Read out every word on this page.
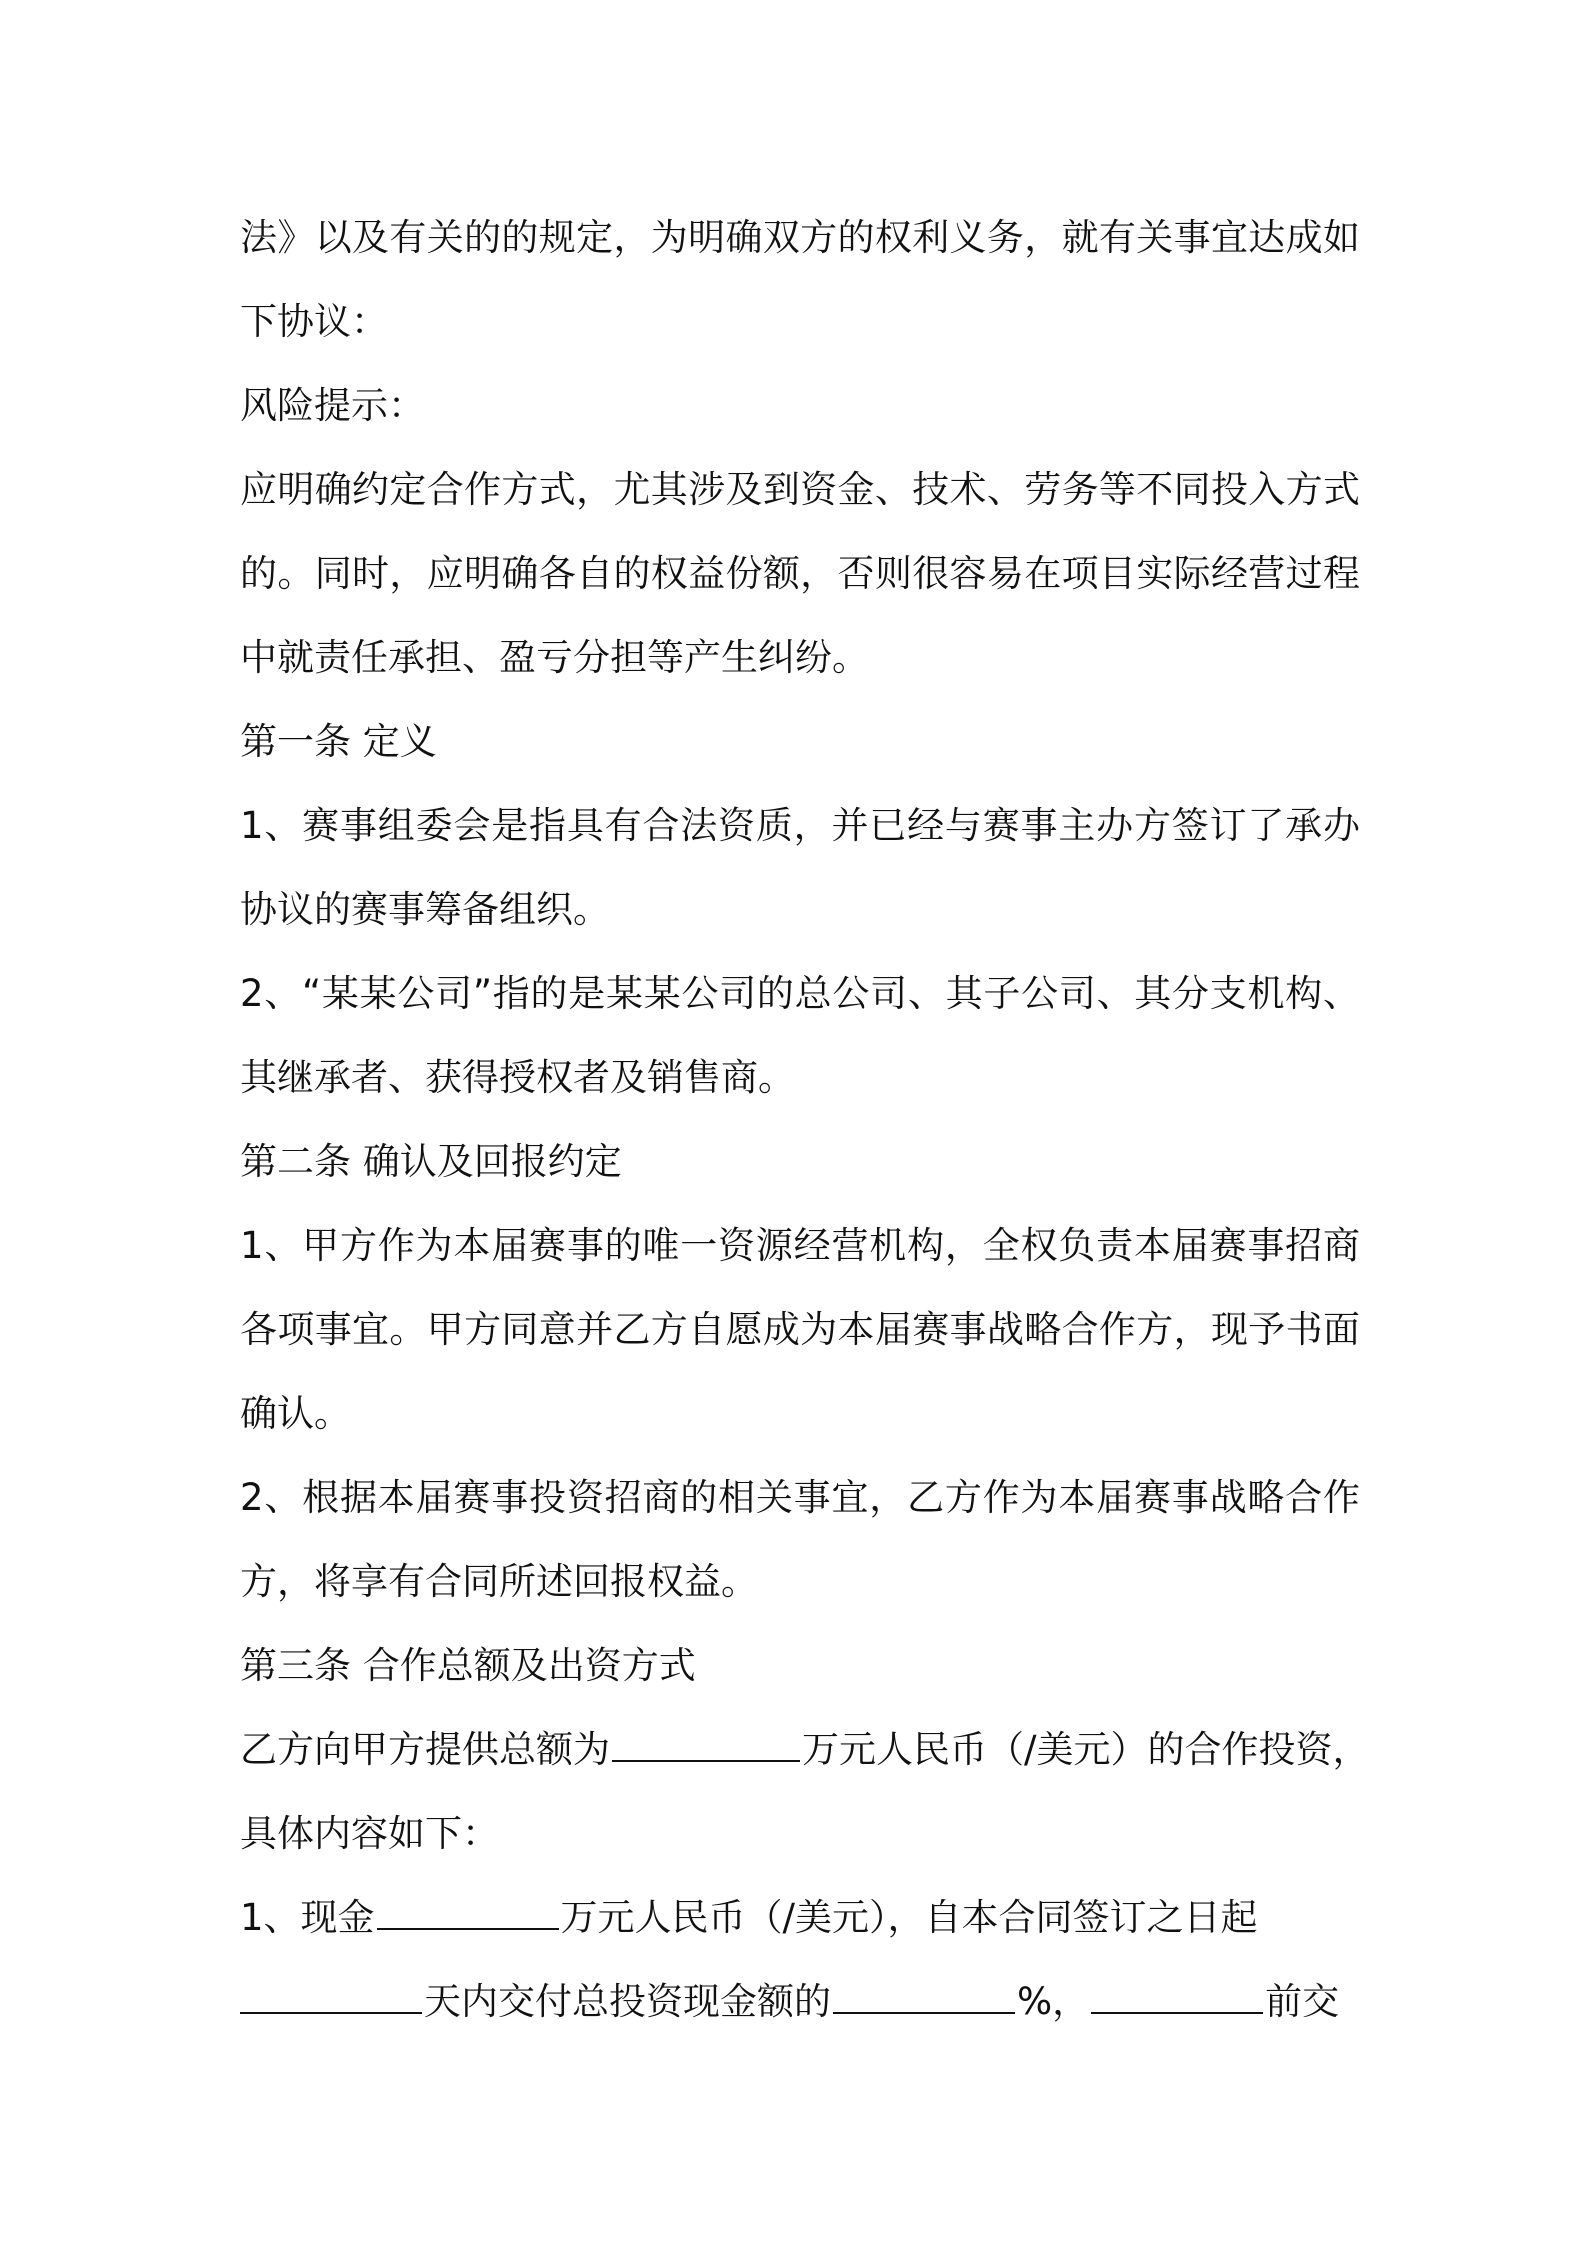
法》以及有关的的规定，为明确双方的权利义务，就有关事宜达成如
下协议：
风险提示：
应明确约定合作方式，尤其涉及到资金、技术、劳务等不同投入方式
的。同时，应明确各自的权益份额，否则很容易在项目实际经营过程
中就责任承担、盈亏分担等产生纠纷。
第一条 定义
1、赛事组委会是指具有合法资质，并已经与赛事主办方签订了承办
协议的赛事筹备组织。
2、“某某公司”指的是某某公司的总公司、其子公司、其分支机构、
其继承者、获得授权者及销售商。
第二条 确认及回报约定
1、甲方作为本届赛事的唯一资源经营机构，全权负责本届赛事招商
各项事宜。甲方同意并乙方自愿成为本届赛事战略合作方，现予书面
确认。
2、根据本届赛事投资招商的相关事宜，乙方作为本届赛事战略合作
方，将享有合同所述回报权益。
第三条 合作总额及出资方式
乙方向甲方提供总额为	万元人民币（/美元）的合作投资，
具体内容如下：
1、现金	万元人民币（/美元），自本合同签订之日起
天内交付总投资现金额的	%，	前交
